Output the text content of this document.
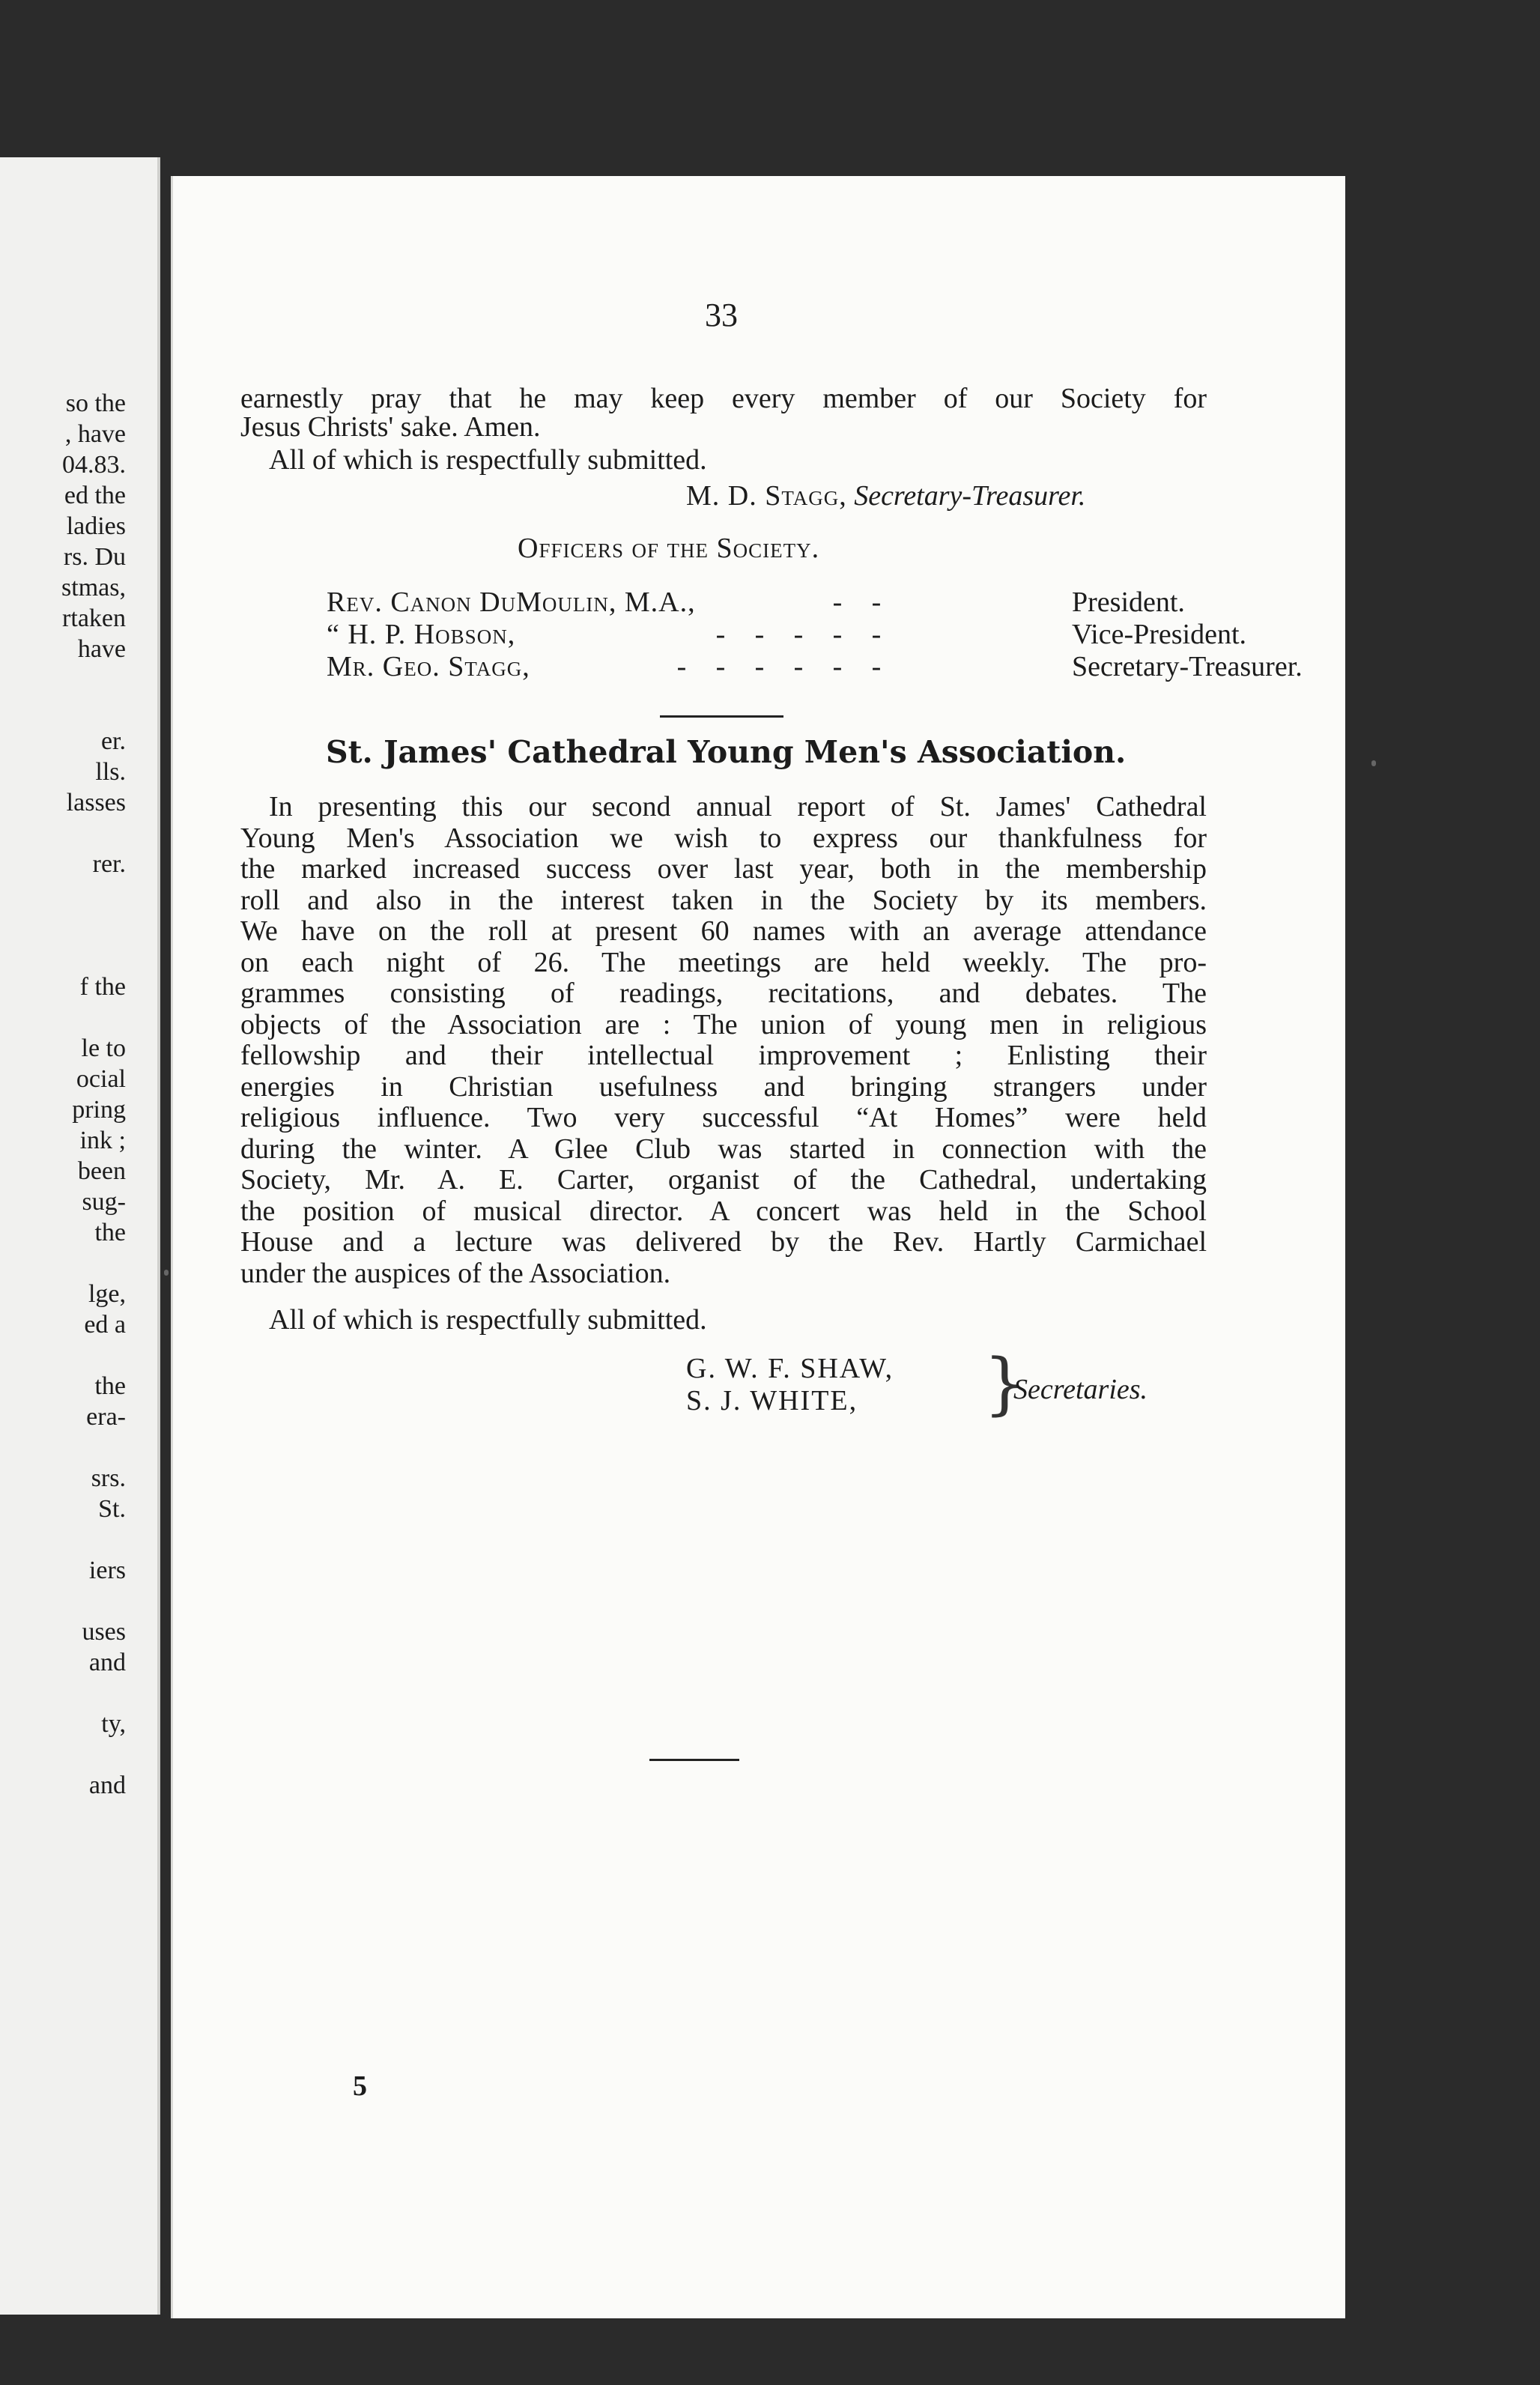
so the
, have
04.83.
ed the
ladies
rs. Du
stmas,
rtaken
have

er.
lls.
lasses

rer.

f the

le to
ocial
pring
ink ;
been
sug-
the

lge,
ed a

the
era-

srs.
St.

iers

uses
and

ty,

and
33
earnestly pray that he may keep every member of our Society for
Jesus Christs' sake. Amen.
All of which is respectfully submitted.
M. D. Stagg, Secretary-Treasurer.
Officers of the Society.
Rev. Canon DuMoulin, M.A.,	- -	President.
“ H. P. Hobson,	- - - - -	Vice-President.
Mr. Geo. Stagg,	- - - - - -	Secretary-Treasurer.
St. James' Cathedral Young Men's Association.
In presenting this our second annual report of St. James' Cathedral
Young Men's Association we wish to express our thankfulness for
the marked increased success over last year, both in the membership
roll and also in the interest taken in the Society by its members.
We have on the roll at present 60 names with an average attendance
on each night of 26. The meetings are held weekly. The pro-
grammes consisting of readings, recitations, and debates. The
objects of the Association are : The union of young men in religious
fellowship and their intellectual improvement ; Enlisting their
energies in Christian usefulness and bringing strangers under
religious influence. Two very successful “At Homes” were held
during the winter. A Glee Club was started in connection with the
Society, Mr. A. E. Carter, organist of the Cathedral, undertaking
the position of musical director. A concert was held in the School
House and a lecture was delivered by the Rev. Hartly Carmichael
under the auspices of the Association.
All of which is respectfully submitted.
G. W. F. SHAW,
S. J. WHITE, }
Secretaries.
5
